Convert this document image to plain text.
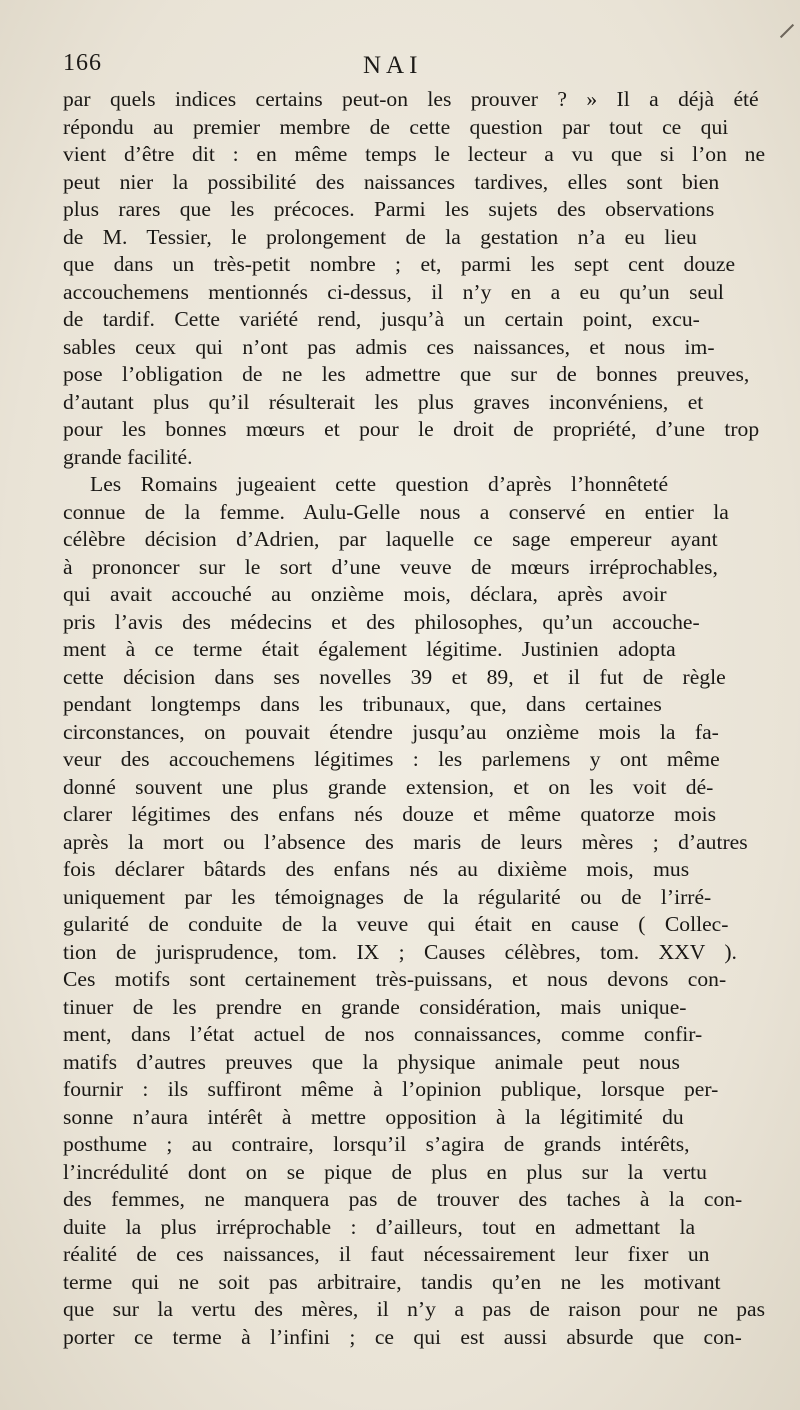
166	NAI
par quels indices certains peut-on les prouver ? » Il a déjà été
répondu au premier membre de cette question par tout ce qui
vient d’être dit : en même temps le lecteur a vu que si l’on ne
peut nier la possibilité des naissances tardives, elles sont bien
plus rares que les précoces. Parmi les sujets des observations
de M. Tessier, le prolongement de la gestation n’a eu lieu
que dans un très-petit nombre ; et, parmi les sept cent douze
accouchemens mentionnés ci-dessus, il n’y en a eu qu’un seul
de tardif. Cette variété rend, jusqu’à un certain point, excu-
sables ceux qui n’ont pas admis ces naissances, et nous im-
pose l’obligation de ne les admettre que sur de bonnes preuves,
d’autant plus qu’il résulterait les plus graves inconvéniens, et
pour les bonnes mœurs et pour le droit de propriété, d’une trop
grande facilité.
Les Romains jugeaient cette question d’après l’honnêteté
connue de la femme. Aulu-Gelle nous a conservé en entier la
célèbre décision d’Adrien, par laquelle ce sage empereur ayant
à prononcer sur le sort d’une veuve de mœurs irréprochables,
qui avait accouché au onzième mois, déclara, après avoir
pris l’avis des médecins et des philosophes, qu’un accouche-
ment à ce terme était également légitime. Justinien adopta
cette décision dans ses novelles 39 et 89, et il fut de règle
pendant longtemps dans les tribunaux, que, dans certaines
circonstances, on pouvait étendre jusqu’au onzième mois la fa-
veur des accouchemens légitimes : les parlemens y ont même
donné souvent une plus grande extension, et on les voit dé-
clarer légitimes des enfans nés douze et même quatorze mois
après la mort ou l’absence des maris de leurs mères ; d’autres
fois déclarer bâtards des enfans nés au dixième mois, mus
uniquement par les témoignages de la régularité ou de l’irré-
gularité de conduite de la veuve qui était en cause ( Collec-
tion de jurisprudence, tom. IX ; Causes célèbres, tom. XXV ).
Ces motifs sont certainement très-puissans, et nous devons con-
tinuer de les prendre en grande considération, mais unique-
ment, dans l’état actuel de nos connaissances, comme confir-
matifs d’autres preuves que la physique animale peut nous
fournir : ils suffiront même à l’opinion publique, lorsque per-
sonne n’aura intérêt à mettre opposition à la légitimité du
posthume ; au contraire, lorsqu’il s’agira de grands intérêts,
l’incrédulité dont on se pique de plus en plus sur la vertu
des femmes, ne manquera pas de trouver des taches à la con-
duite la plus irréprochable : d’ailleurs, tout en admettant la
réalité de ces naissances, il faut nécessairement leur fixer un
terme qui ne soit pas arbitraire, tandis qu’en ne les motivant
que sur la vertu des mères, il n’y a pas de raison pour ne pas
porter ce terme à l’infini ; ce qui est aussi absurde que con-
